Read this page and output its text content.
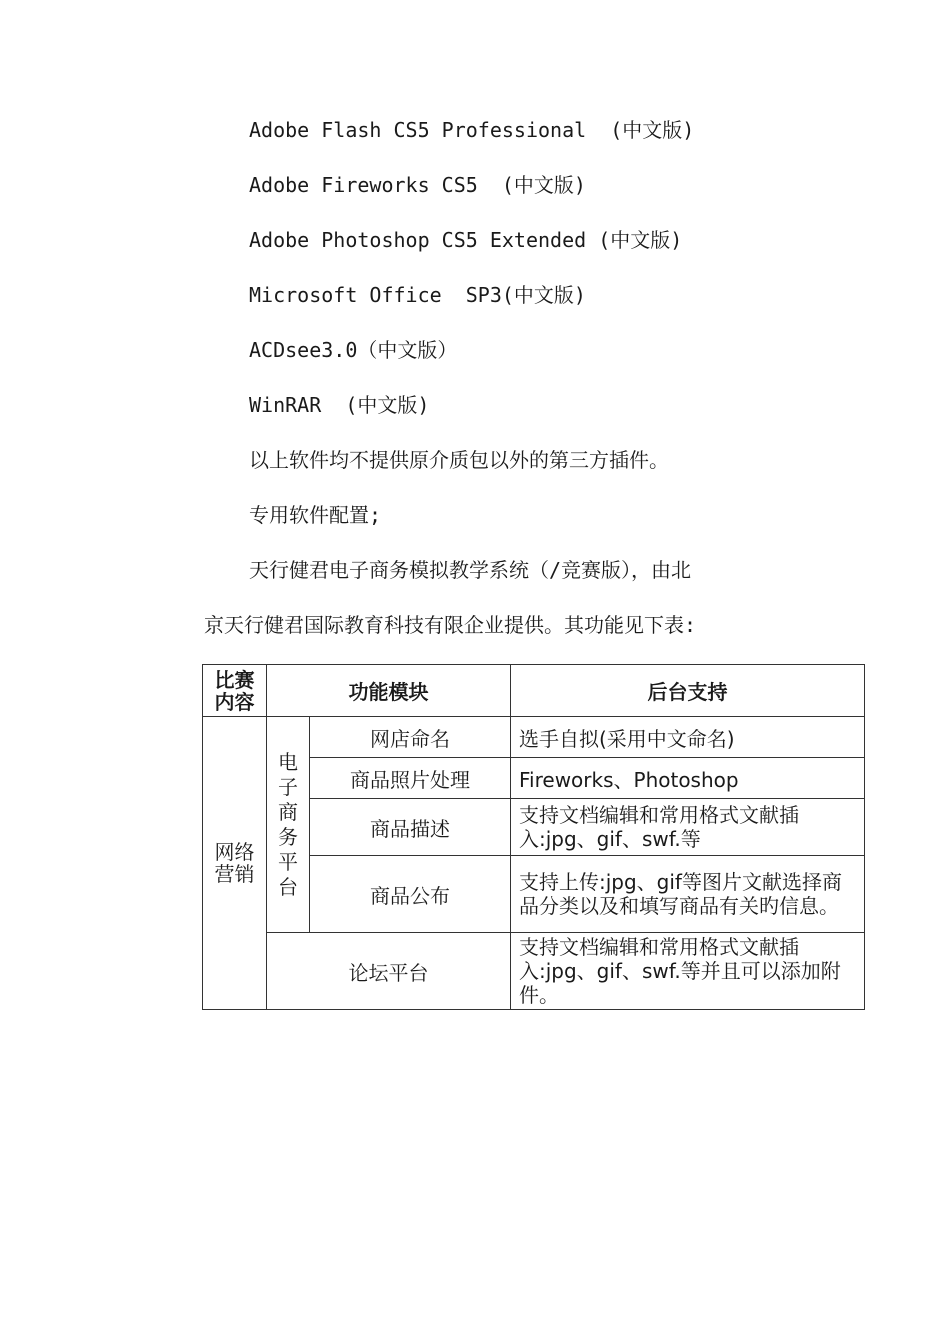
Adobe Flash CS5 Professional  (中文版)
Adobe Fireworks CS5  (中文版)
Adobe Photoshop CS5 Extended (中文版)
Microsoft Office  SP3(中文版)
ACDsee3.0（中文版）
WinRAR  (中文版)
以上软件均不提供原介质包以外的第三方插件。
专用软件配置;
天行健君电子商务模拟教学系统（/竞赛版），由北
京天行健君国际教育科技有限企业提供。其功能见下表:
比赛内容	功能模块		后台支持
网络营销	电子商务平台	网店命名	选手自拟(采用中文命名)
		商品照片处理	Fireworks、Photoshop
		商品描述	支持文档编辑和常用格式文献插入:jpg、gif、swf.等
		商品公布	支持上传:jpg、gif等图片文献选择商品分类以及和填写商品有关旳信息。
	论坛平台		支持文档编辑和常用格式文献插入:jpg、gif、swf.等并且可以添加附件。
